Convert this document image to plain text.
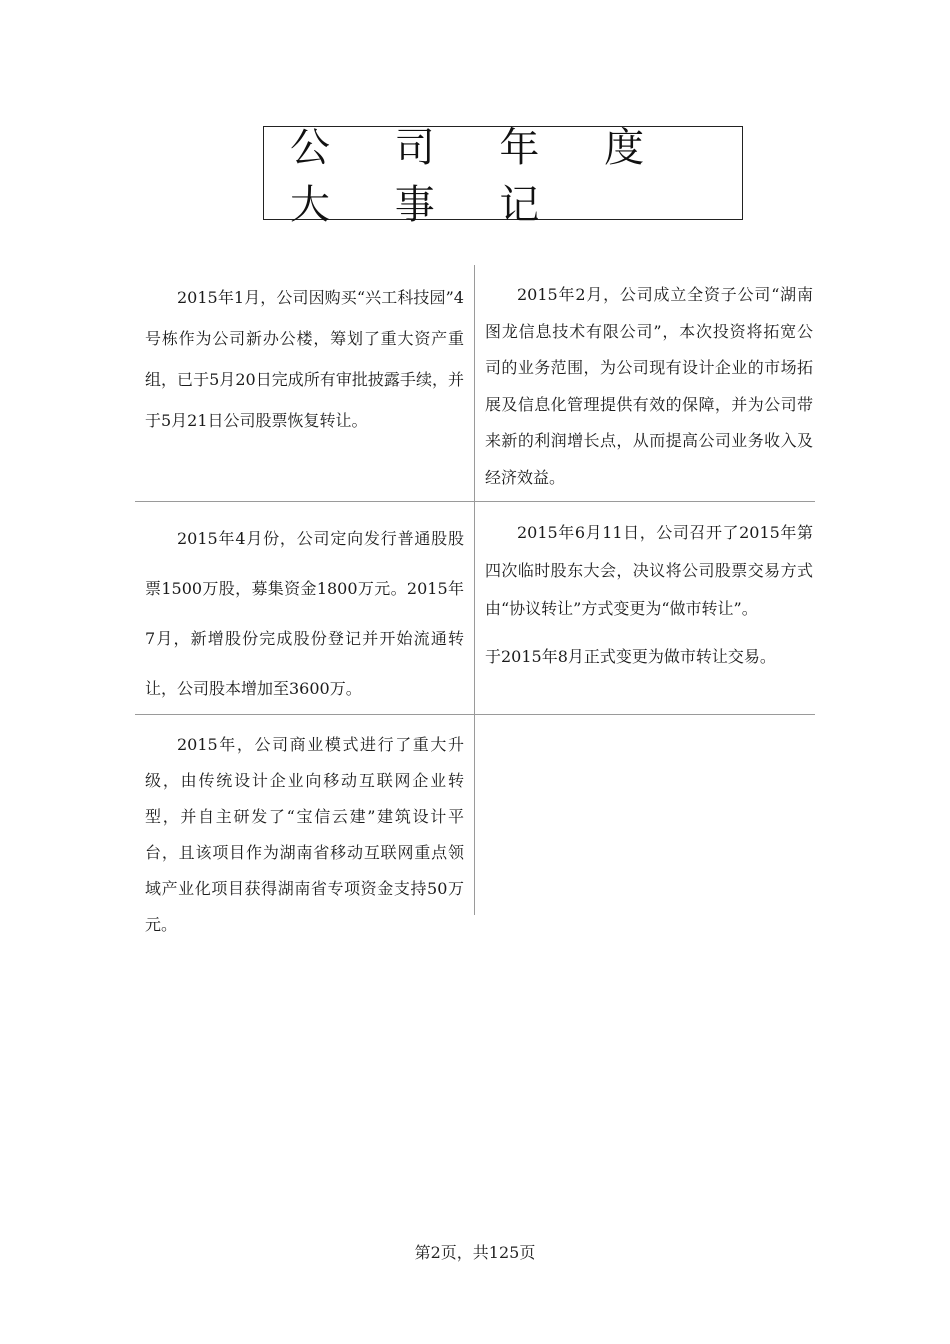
公 司 年 度 大 事 记

2015年1月，公司因购买“兴工科技园”4号栋作为公司新办公楼，筹划了重大资产重组，已于5月20日完成所有审批披露手续，并于5月21日公司股票恢复转让。

2015年2月，公司成立全资子公司“湖南图龙信息技术有限公司”，本次投资将拓宽公司的业务范围，为公司现有设计企业的市场拓展及信息化管理提供有效的保障，并为公司带来新的利润增长点，从而提高公司业务收入及经济效益。

2015年4月份，公司定向发行普通股股票1500万股，募集资金1800万元。2015年7月，新增股份完成股份登记并开始流通转让，公司股本增加至3600万。

2015年6月11日，公司召开了2015年第四次临时股东大会，决议将公司股票交易方式由“协议转让”方式变更为“做市转让”。

于2015年8月正式变更为做市转让交易。

2015年，公司商业模式进行了重大升级，由传统设计企业向移动互联网企业转型，并自主研发了“宝信云建”建筑设计平台，且该项目作为湖南省移动互联网重点领域产业化项目获得湖南省专项资金支持50万元。

第2页，共125页
